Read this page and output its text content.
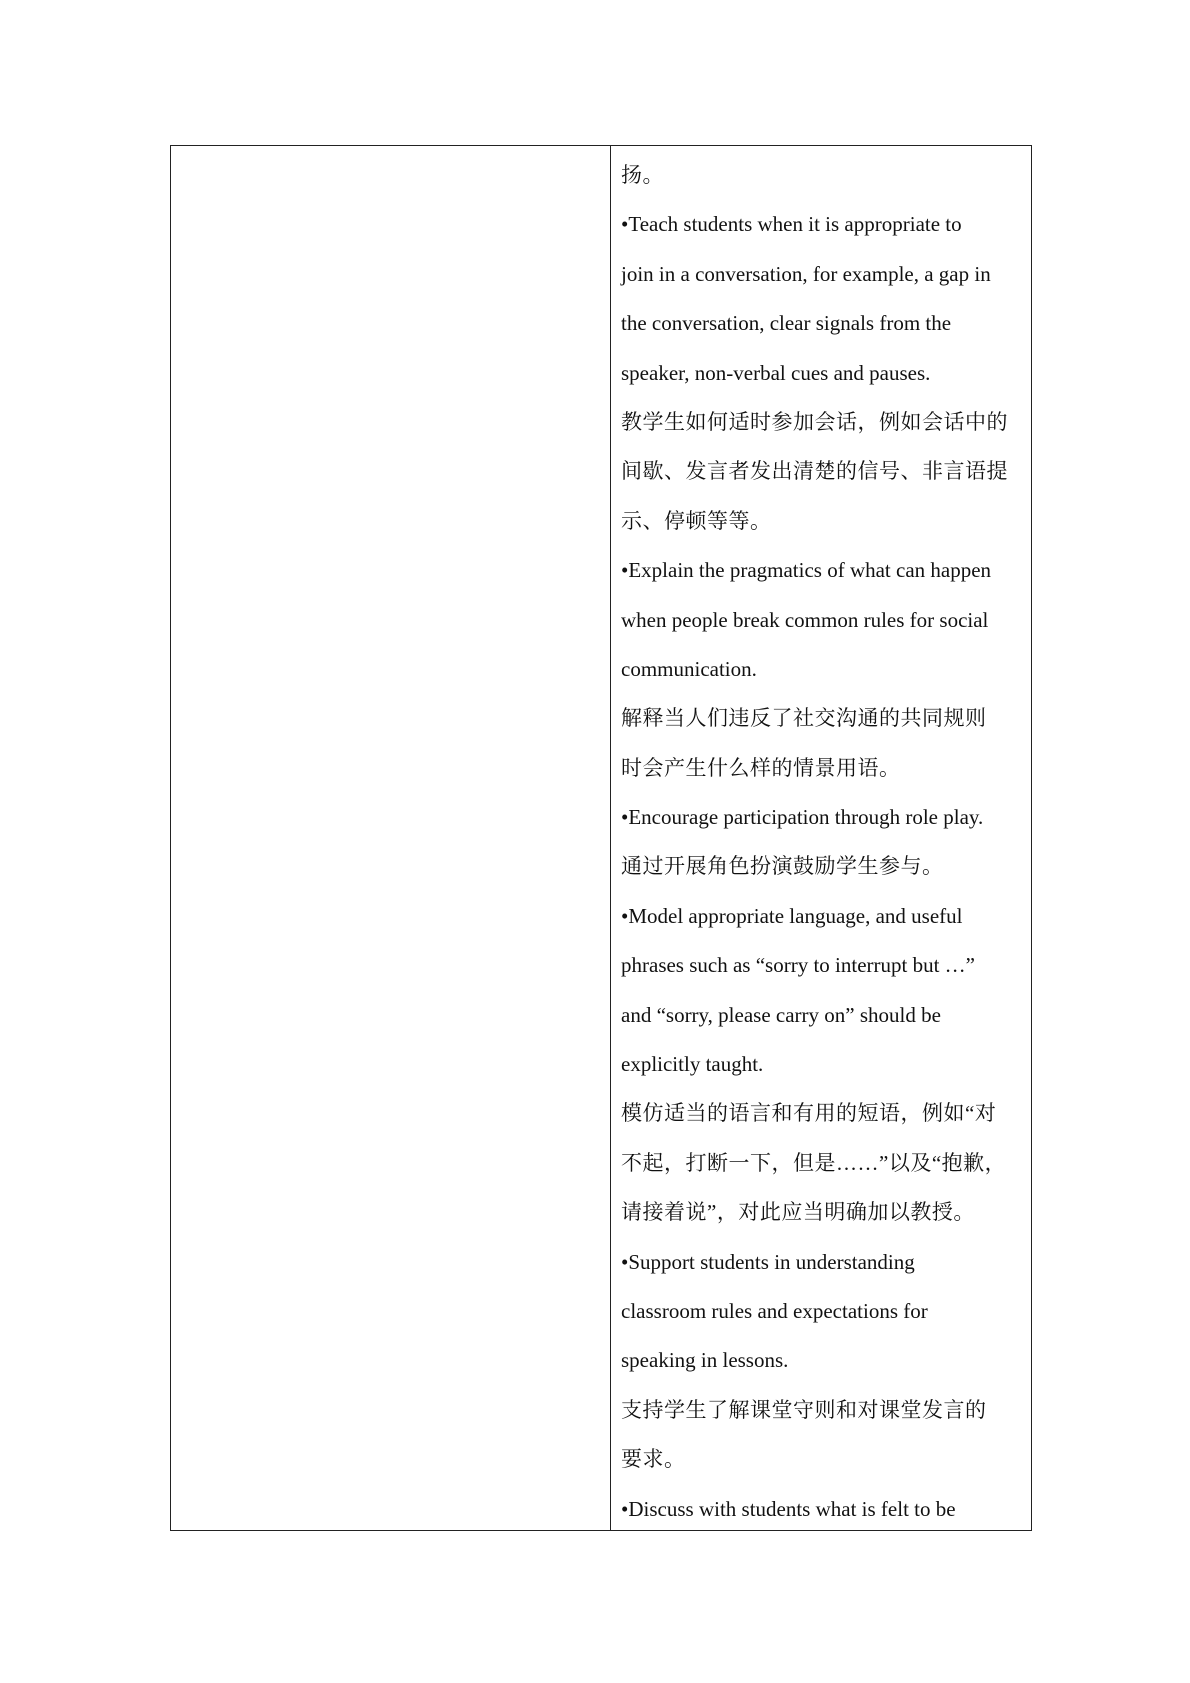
扬。
•Teach students when it is appropriate to
join in a conversation, for example, a gap in
the conversation, clear signals from the
speaker, non-verbal cues and pauses.
教学生如何适时参加会话，例如会话中的
间歇、发言者发出清楚的信号、非言语提
示、停顿等等。
•Explain the pragmatics of what can happen
when people break common rules for social
communication.
解释当人们违反了社交沟通的共同规则
时会产生什么样的情景用语。
•Encourage participation through role play.
通过开展角色扮演鼓励学生参与。
•Model appropriate language, and useful
phrases such as “sorry to interrupt but …”
and “sorry, please carry on” should be
explicitly taught.
模仿适当的语言和有用的短语，例如“对
不起，打断一下，但是……”以及“抱歉，
请接着说”，对此应当明确加以教授。
•Support students in understanding
classroom rules and expectations for
speaking in lessons.
支持学生了解课堂守则和对课堂发言的
要求。
•Discuss with students what is felt to be
